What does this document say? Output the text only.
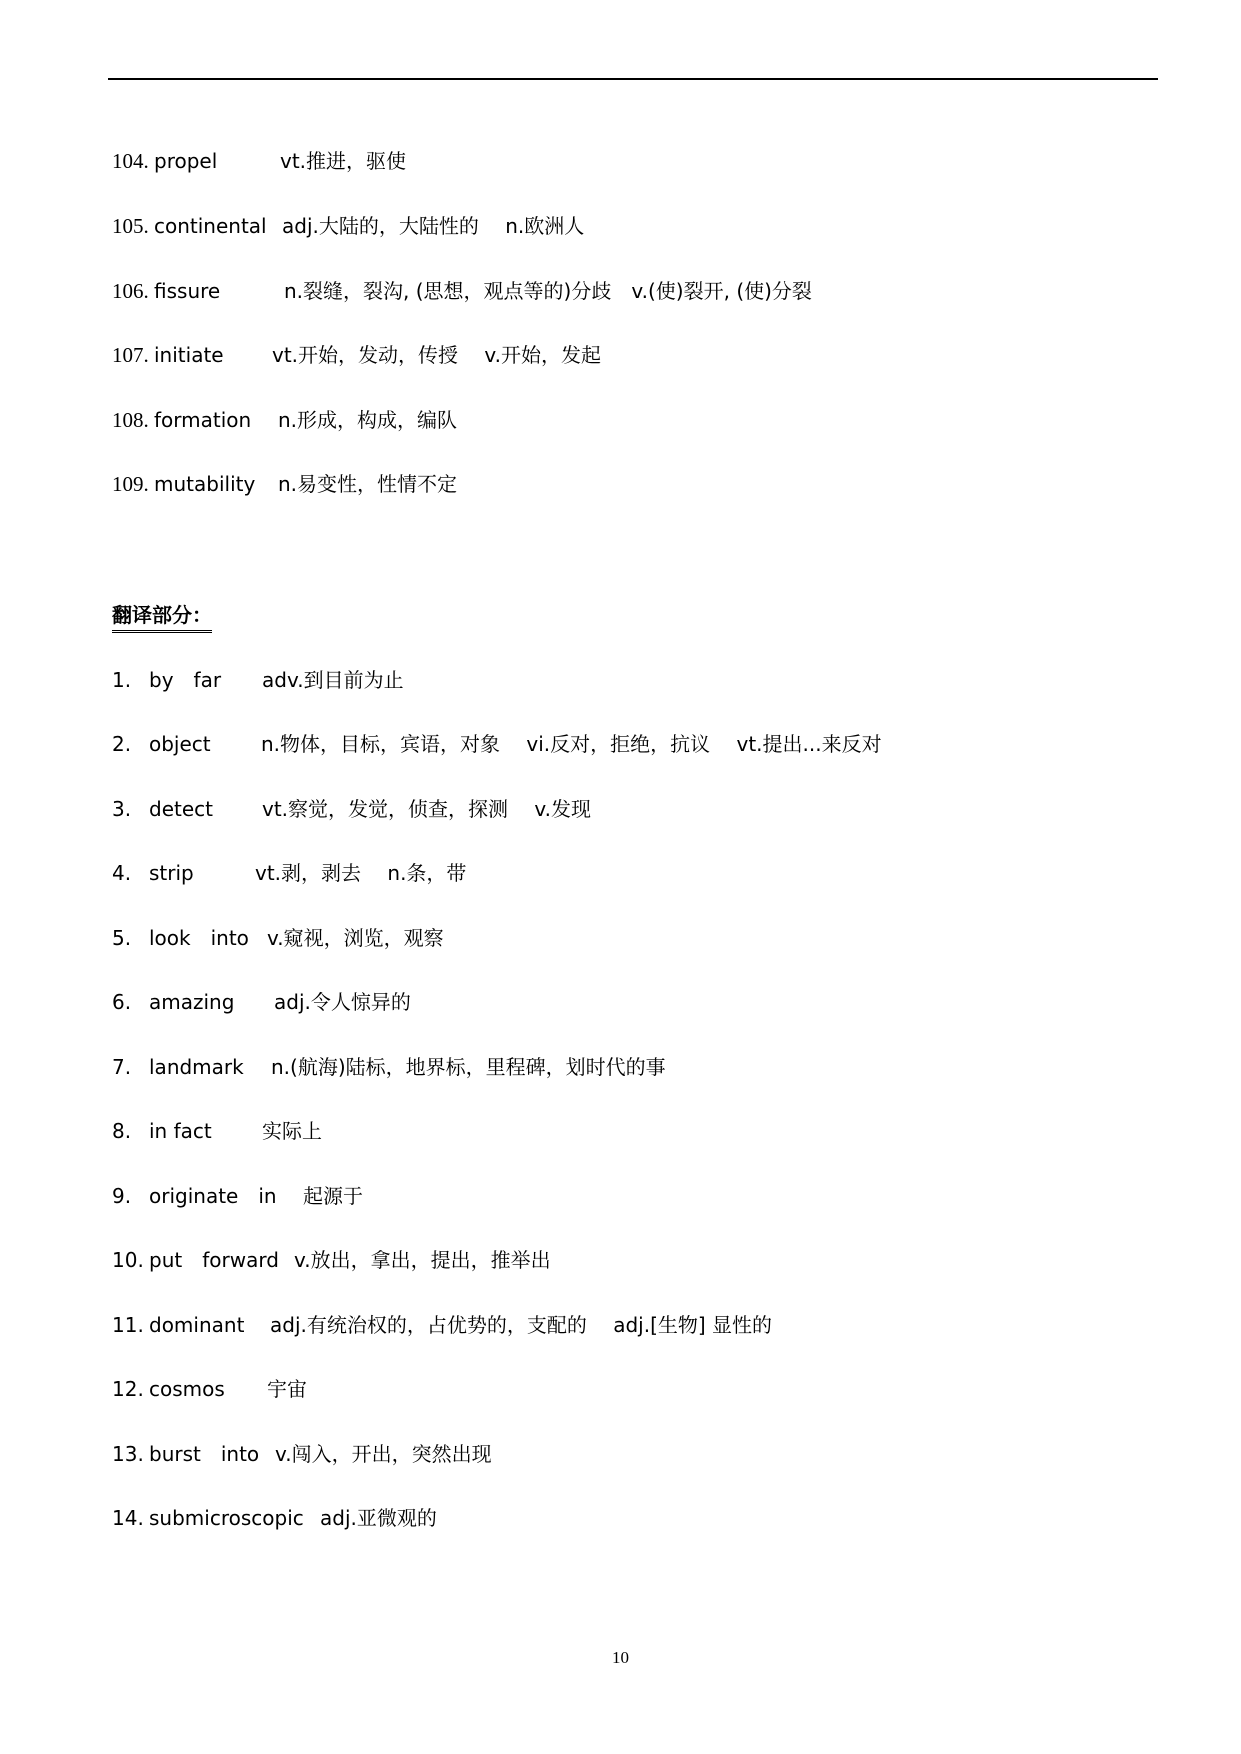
104. propel	vt.推进，驱使
105. continental adj.大陆的，大陆性的 　n.欧洲人
106. fissure	n.裂缝，裂沟, (思想，观点等的)分歧　v.(使)裂开, (使)分裂
107. initiate vt.开始，发动，传授 　v.开始，发起
108. formation n.形成，构成，编队
109. mutability n.易变性，性情不定
翻译部分：
1. by　far adv.到目前为止
2. object	n.物体，目标，宾语，对象 　vi.反对，拒绝，抗议 　vt.提出...来反对
3. detect vt.察觉，发觉，侦查，探测 　v.发现
4. strip	vt.剥，剥去 　n.条，带
5. look　into v.窥视，浏览，观察
6. amazing adj.令人惊异的
7. landmark n.(航海)陆标，地界标，里程碑，划时代的事
8. in fact	实际上
9. originate　in 起源于
10. put　forward v.放出，拿出，提出，推举出
11. dominant adj.有统治权的，占优势的，支配的 　adj.[生物] 显性的
12. cosmos 宇宙
13. burst　into v.闯入，开出，突然出现
14. submicroscopic adj.亚微观的
10
